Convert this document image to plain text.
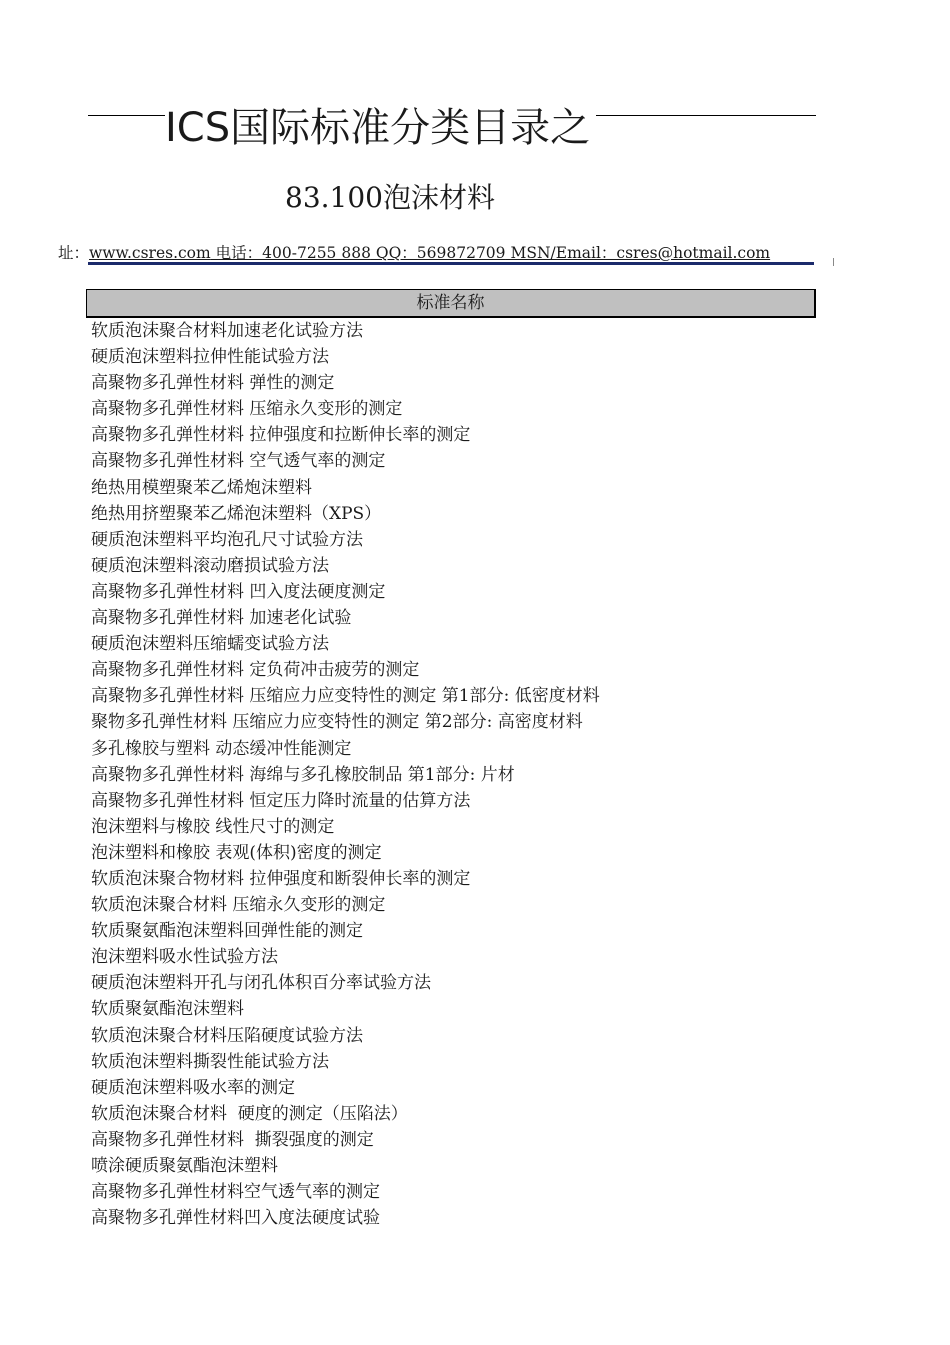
ICS国际标准分类目录之
83.100泡沫材料
址：www.csres.com 电话：400-7255 888 QQ：569872709 MSN/Email：csres@hotmail.com
标准名称
软质泡沫聚合材料加速老化试验方法
硬质泡沫塑料拉伸性能试验方法
高聚物多孔弹性材料 弹性的测定
高聚物多孔弹性材料 压缩永久变形的测定
高聚物多孔弹性材料 拉伸强度和拉断伸长率的测定
高聚物多孔弹性材料 空气透气率的测定
绝热用模塑聚苯乙烯炮沫塑料
绝热用挤塑聚苯乙烯泡沫塑料（XPS）
硬质泡沫塑料平均泡孔尺寸试验方法
硬质泡沫塑料滚动磨损试验方法
高聚物多孔弹性材料 凹入度法硬度测定
高聚物多孔弹性材料 加速老化试验
硬质泡沫塑料压缩蠕变试验方法
高聚物多孔弹性材料 定负荷冲击疲劳的测定
高聚物多孔弹性材料 压缩应力应变特性的测定 第1部分: 低密度材料
聚物多孔弹性材料 压缩应力应变特性的测定 第2部分: 高密度材料
多孔橡胶与塑料 动态缓冲性能测定
高聚物多孔弹性材料 海绵与多孔橡胶制品 第1部分: 片材
高聚物多孔弹性材料 恒定压力降时流量的估算方法
泡沫塑料与橡胶 线性尺寸的测定
泡沫塑料和橡胶 表观(体积)密度的测定
软质泡沫聚合物材料 拉伸强度和断裂伸长率的测定
软质泡沫聚合材料 压缩永久变形的测定
软质聚氨酯泡沫塑料回弹性能的测定
泡沫塑料吸水性试验方法
硬质泡沫塑料开孔与闭孔体积百分率试验方法
软质聚氨酯泡沫塑料
软质泡沫聚合材料压陷硬度试验方法
软质泡沫塑料撕裂性能试验方法
硬质泡沫塑料吸水率的测定
软质泡沫聚合材料  硬度的测定（压陷法）
高聚物多孔弹性材料  撕裂强度的测定
喷涂硬质聚氨酯泡沫塑料
高聚物多孔弹性材料空气透气率的测定
高聚物多孔弹性材料凹入度法硬度试验
